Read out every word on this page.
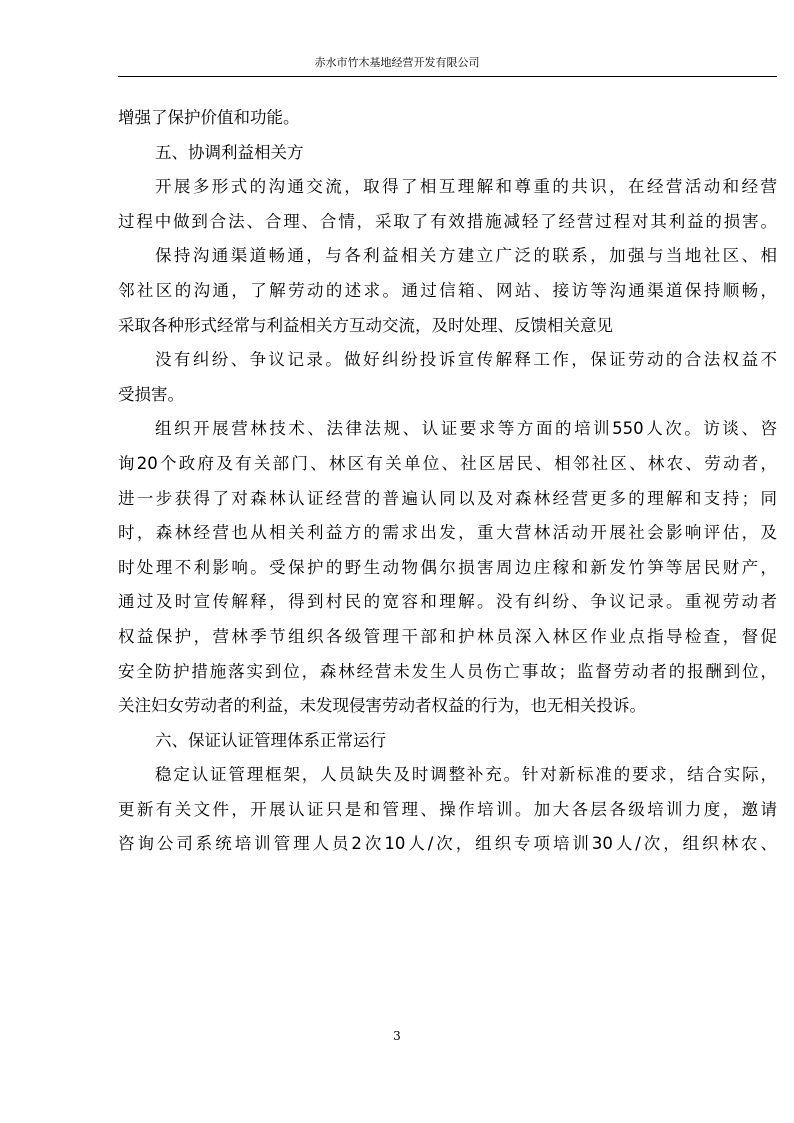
赤水市竹木基地经营开发有限公司
增强了保护价值和功能。
五、协调利益相关方
开展多形式的沟通交流，取得了相互理解和尊重的共识，在经营活动和经营
过程中做到合法、合理、合情，采取了有效措施减轻了经营过程对其利益的损害。
保持沟通渠道畅通，与各利益相关方建立广泛的联系，加强与当地社区、相
邻社区的沟通，了解劳动的述求。通过信箱、网站、接访等沟通渠道保持顺畅，
采取各种形式经常与利益相关方互动交流，及时处理、反馈相关意见
没有纠纷、争议记录。做好纠纷投诉宣传解释工作，保证劳动的合法权益不
受损害。
组织开展营林技术、法律法规、认证要求等方面的培训550人次。访谈、咨
询20个政府及有关部门、林区有关单位、社区居民、相邻社区、林农、劳动者，
进一步获得了对森林认证经营的普遍认同以及对森林经营更多的理解和支持；同
时，森林经营也从相关利益方的需求出发，重大营林活动开展社会影响评估，及
时处理不利影响。受保护的野生动物偶尔损害周边庄稼和新发竹笋等居民财产，
通过及时宣传解释，得到村民的宽容和理解。没有纠纷、争议记录。重视劳动者
权益保护，营林季节组织各级管理干部和护林员深入林区作业点指导检查，督促
安全防护措施落实到位，森林经营未发生人员伤亡事故；监督劳动者的报酬到位，
关注妇女劳动者的利益，未发现侵害劳动者权益的行为，也无相关投诉。
六、保证认证管理体系正常运行
稳定认证管理框架，人员缺失及时调整补充。针对新标准的要求，结合实际，
更新有关文件，开展认证只是和管理、操作培训。加大各层各级培训力度，邀请
咨询公司系统培训管理人员2次10人/次，组织专项培训30人/次，组织林农、
3
